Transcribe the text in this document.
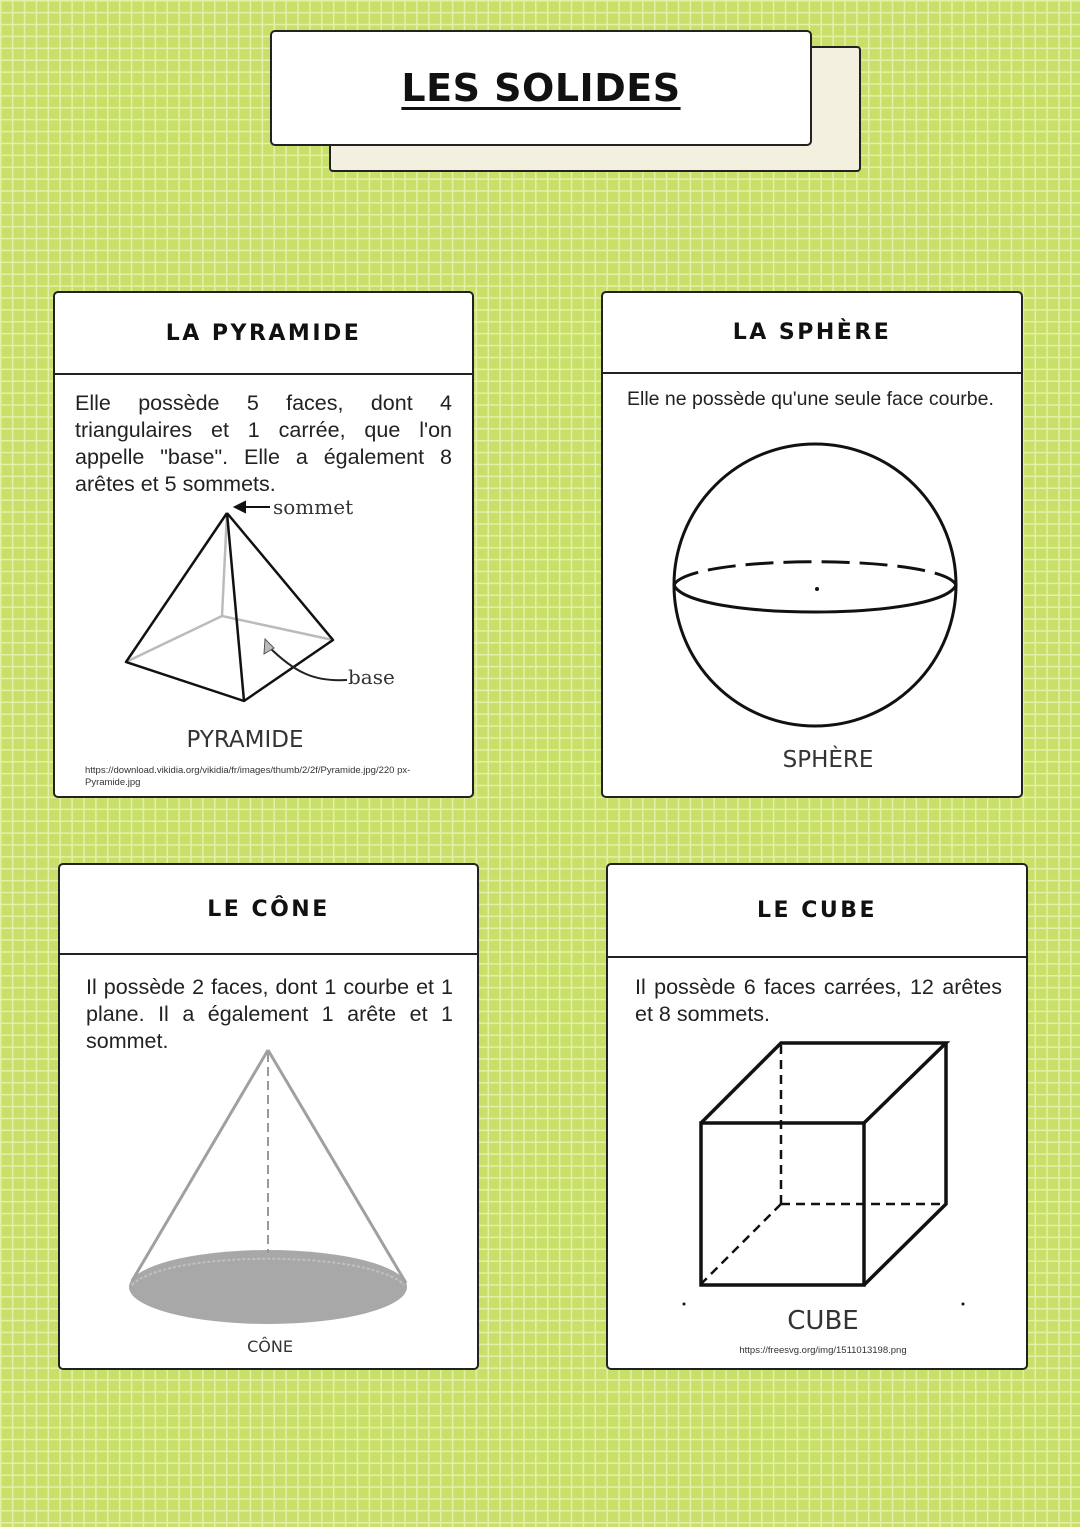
LES SOLIDES
LA PYRAMIDE

Elle possède 5 faces, dont 4 triangulaires et 1 carrée, que l'on appelle "base". Elle a également 8 arêtes et 5 sommets.

sommet
base
PYRAMIDE
https://download.vikidia.org/vikidia/fr/images/thumb/2/2f/Pyramide.jpg/220 px-Pyramide.jpg
LA SPHÈRE

Elle ne possède qu'une seule face courbe.

SPHÈRE
LE CÔNE

Il possède 2 faces, dont 1 courbe et 1 plane. Il a également 1 arête et 1 sommet.

CÔNE
LE CUBE

Il possède 6 faces carrées, 12 arêtes et 8 sommets.

CUBE
https://freesvg.org/img/1511013198.png
